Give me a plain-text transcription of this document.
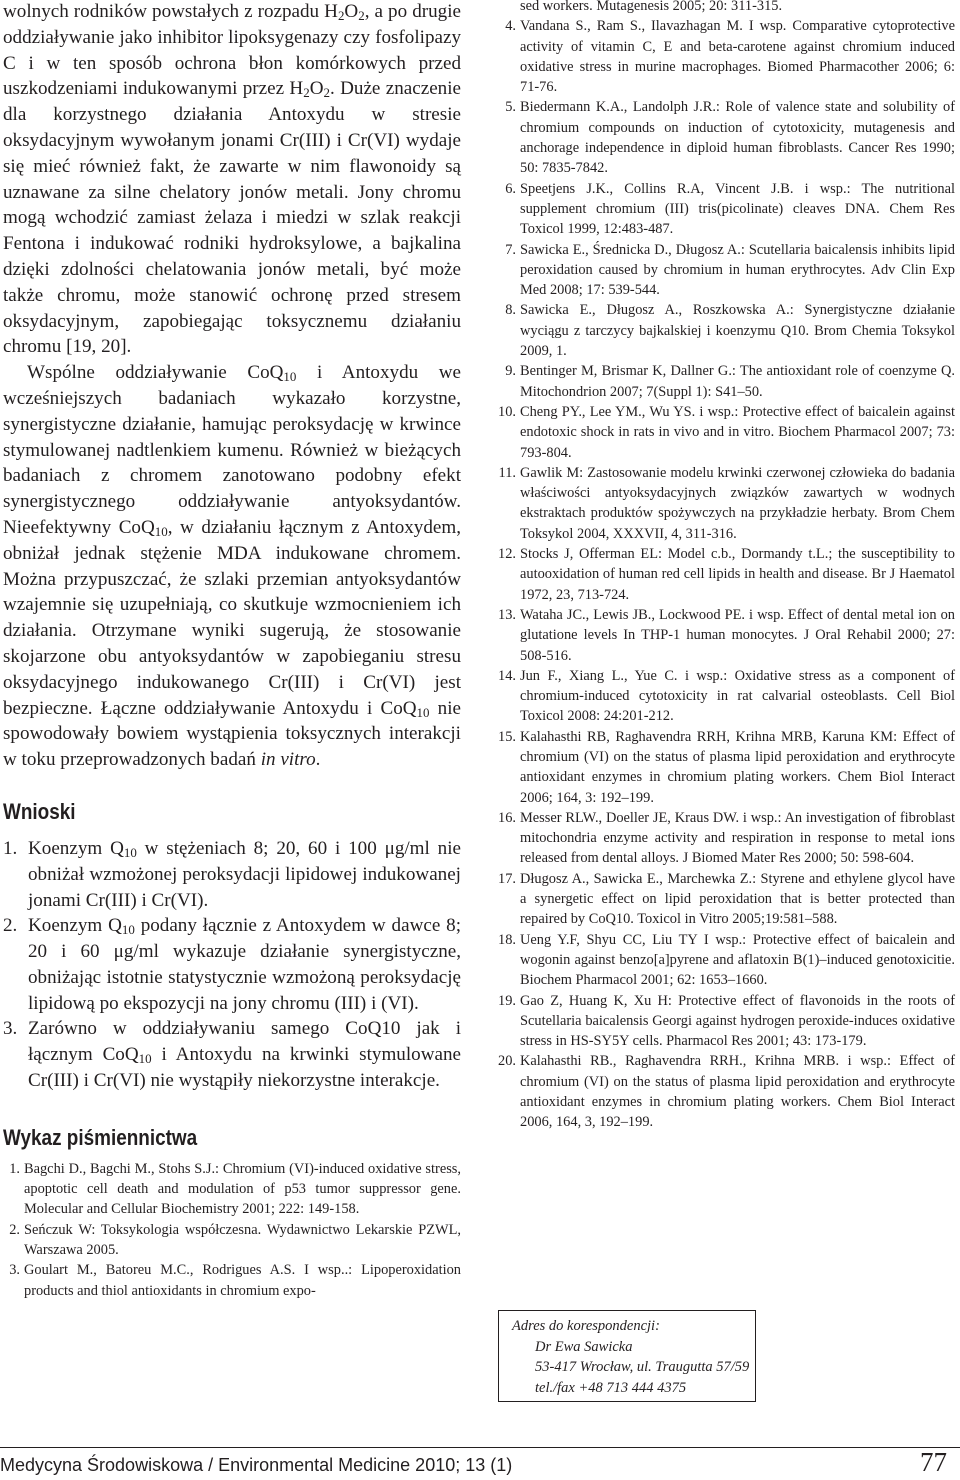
wolnych rodników powstałych z rozpadu $H_2O_2$, a po drugie oddziaływanie jako inhibitor lipoksygenazy czy fosfolipazy C i w ten sposób ochrona błon komórkowych przed uszkodzeniami indukowanymi przez $H_2O_2$. Duże znaczenie dla korzystnego działania Antoxydu w stresie oksydacyjnym wywołanym jonami Cr(III) i Cr(VI) wydaje się mieć również fakt, że zawarte w nim flawonoidy są uznawane za silne chelatory jonów metali. Jony chromu mogą wchodzić zamiast żelaza i miedzi w szlak reakcji Fentona i indukować rodniki hydroksylowe, a bajkalina dzięki zdolności chelatowania jonów metali, być może także chromu, może stanowić ochronę przed stresem oksydacyjnym, zapobiegając toksycznemu działaniu chromu [19, 20].

Wspólne oddziaływanie CoQ$_{10}$ i Antoxydu we wcześniejszych badaniach wykazało korzystne, synergistyczne działanie, hamując peroksydację w krwince stymulowanej nadtlenkiem kumenu. Również w bieżących badaniach z chromem zanotowano podobny efekt synergistycznego oddziaływanie antyoksydantów. Nieefektywny CoQ$_{10}$, w działaniu łącznym z Antoxydem, obniżał jednak stężenie MDA indukowane chromem. Można przypuszczać, że szlaki przemian antyoksydantów wzajemnie się uzupełniają, co skutkuje wzmocnieniem ich działania. Otrzymane wyniki sugerują, że stosowanie skojarzone obu antyoksydantów w zapobieganiu stresu oksydacyjnego indukowanego Cr(III) i Cr(VI) jest bezpieczne. Łączne oddziaływanie Antoxydu i CoQ$_{10}$ nie spowodowały bowiem wystąpienia toksycznych interakcji w toku przeprowadzonych badań in vitro.

Wnioski
1. Koenzym $Q_{10}$ w stężeniach 8; 20, 60 i 100 μg/ml nie obniżał wzmożonej peroksydacji lipidowej indukowanej jonami Cr(III) i Cr(VI).
2. Koenzym $Q_{10}$ podany łącznie z Antoxydem w dawce 8; 20 i 60 μg/ml wykazuje działanie synergistyczne, obniżając istotnie statystycznie wzmożoną peroksydację lipidową po ekspozycji na jony chromu (III) i (VI).
3. Zarówno w oddziaływaniu samego CoQ10 jak i łącznym CoQ$_{10}$ i Antoxydu na krwinki stymulowane Cr(III) i Cr(VI) nie wystąpiły niekorzystne interakcje.
Wykaz piśmiennictwa
1. Bagchi D., Bagchi M., Stohs S.J.: Chromium (VI)-induced oxidative stress, apoptotic cell death and modulation of p53 tumor suppressor gene. Molecular and Cellular Biochemistry 2001; 222: 149-158.
2. Seńczuk W: Toksykologia współczesna. Wydawnictwo Lekarskie PZWL, Warszawa 2005.
3. Goulart M., Batoreu M.C., Rodrigues A.S. I wsp..: Lipoperoxidation products and thiol antioxidants in chromium expo-
sed workers. Mutagenesis 2005; 20: 311-315.
4. Vandana S., Ram S., Ilavazhagan M. I wsp. Comparative cytoprotective activity of vitamin C, E and beta-carotene against chromium induced oxidative stress in murine macrophages. Biomed Pharmacother 2006; 6: 71-76.
5. Biedermann K.A., Landolph J.R.: Role of valence state and solubility of chromium compounds on induction of cytotoxicity, mutagenesis and anchorage independence in diploid human fibroblasts. Cancer Res 1990; 50: 7835-7842.
6. Speetjens J.K., Collins R.A, Vincent J.B. i wsp.: The nutritional supplement chromium (III) tris(picolinate) cleaves DNA. Chem Res Toxicol 1999, 12:483-487.
7. Sawicka E., Średnicka D., Długosz A.: Scutellaria baicalensis inhibits lipid peroxidation caused by chromium in human erythrocytes. Adv Clin Exp Med 2008; 17: 539-544.
8. Sawicka E., Długosz A., Roszkowska A.: Synergistyczne działanie wyciągu z tarczycy bajkalskiej i koenzymu Q10. Brom Chemia Toksykol 2009, 1.
9. Bentinger M, Brismar K, Dallner G.: The antioxidant role of coenzyme Q. Mitochondrion 2007; 7(Suppl 1): S41–50.
10. Cheng PY., Lee YM., Wu YS. i wsp.: Protective effect of baicalein against endotoxic shock in rats in vivo and in vitro. Biochem Pharmacol 2007; 73: 793-804.
11. Gawlik M: Zastosowanie modelu krwinki czerwonej człowieka do badania właściwości antyoksydacyjnych związków zawartych w wodnych ekstraktach produktów spożywczych na przykładzie herbaty. Brom Chem Toksykol 2004, XXXVII, 4, 311-316.
12. Stocks J, Offerman EL: Model c.b., Dormandy t.L.; the susceptibility to autooxidation of human red cell lipids in health and disease. Br J Haematol 1972, 23, 713-724.
13. Wataha JC., Lewis JB., Lockwood PE. i wsp. Effect of dental metal ion on glutatione levels In THP-1 human monocytes. J Oral Rehabil 2000; 27: 508-516.
14. Jun F., Xiang L., Yue C. i wsp.: Oxidative stress as a component of chromium-induced cytotoxicity in rat calvarial osteoblasts. Cell Biol Toxicol 2008: 24:201-212.
15. Kalahasthi RB, Raghavendra RRH, Krihna MRB, Karuna KM: Effect of chromium (VI) on the status of plasma lipid peroxidation and erythrocyte antioxidant enzymes in chromium plating workers. Chem Biol Interact 2006; 164, 3: 192–199.
16. Messer RLW., Doeller JE, Kraus DW. i wsp.: An investigation of fibroblast mitochondria enzyme activity and respiration in response to metal ions released from dental alloys. J Biomed Mater Res 2000; 50: 598-604.
17. Długosz A., Sawicka E., Marchewka Z.: Styrene and ethylene glycol have a synergetic effect on lipid peroxidation that is better protected than repaired by CoQ10. Toxicol in Vitro 2005;19:581–588.
18. Ueng Y.F, Shyu CC, Liu TY I wsp.: Protective effect of baicalein and wogonin against benzo[a]pyrene and aflatoxin B(1)–induced genotoxicitie. Biochem Pharmacol 2001; 62: 1653–1660.
19. Gao Z, Huang K, Xu H: Protective effect of flavonoids in the roots of Scutellaria baicalensis Georgi against hydrogen peroxide-induces oxidative stress in HS-SY5Y cells. Pharmacol Res 2001; 43: 173-179.
20. Kalahasthi RB., Raghavendra RRH., Krihna MRB. i wsp.: Effect of chromium (VI) on the status of plasma lipid peroxidation and erythrocyte antioxidant enzymes in chromium plating workers. Chem Biol Interact 2006, 164, 3, 192–199.
Adres do korespondencji:
Dr Ewa Sawicka
53-417 Wrocław, ul. Traugutta 57/59
tel./fax +48 713 444 4375
Medycyna Środowiskowa / Environmental Medicine 2010; 13 (1)	77
